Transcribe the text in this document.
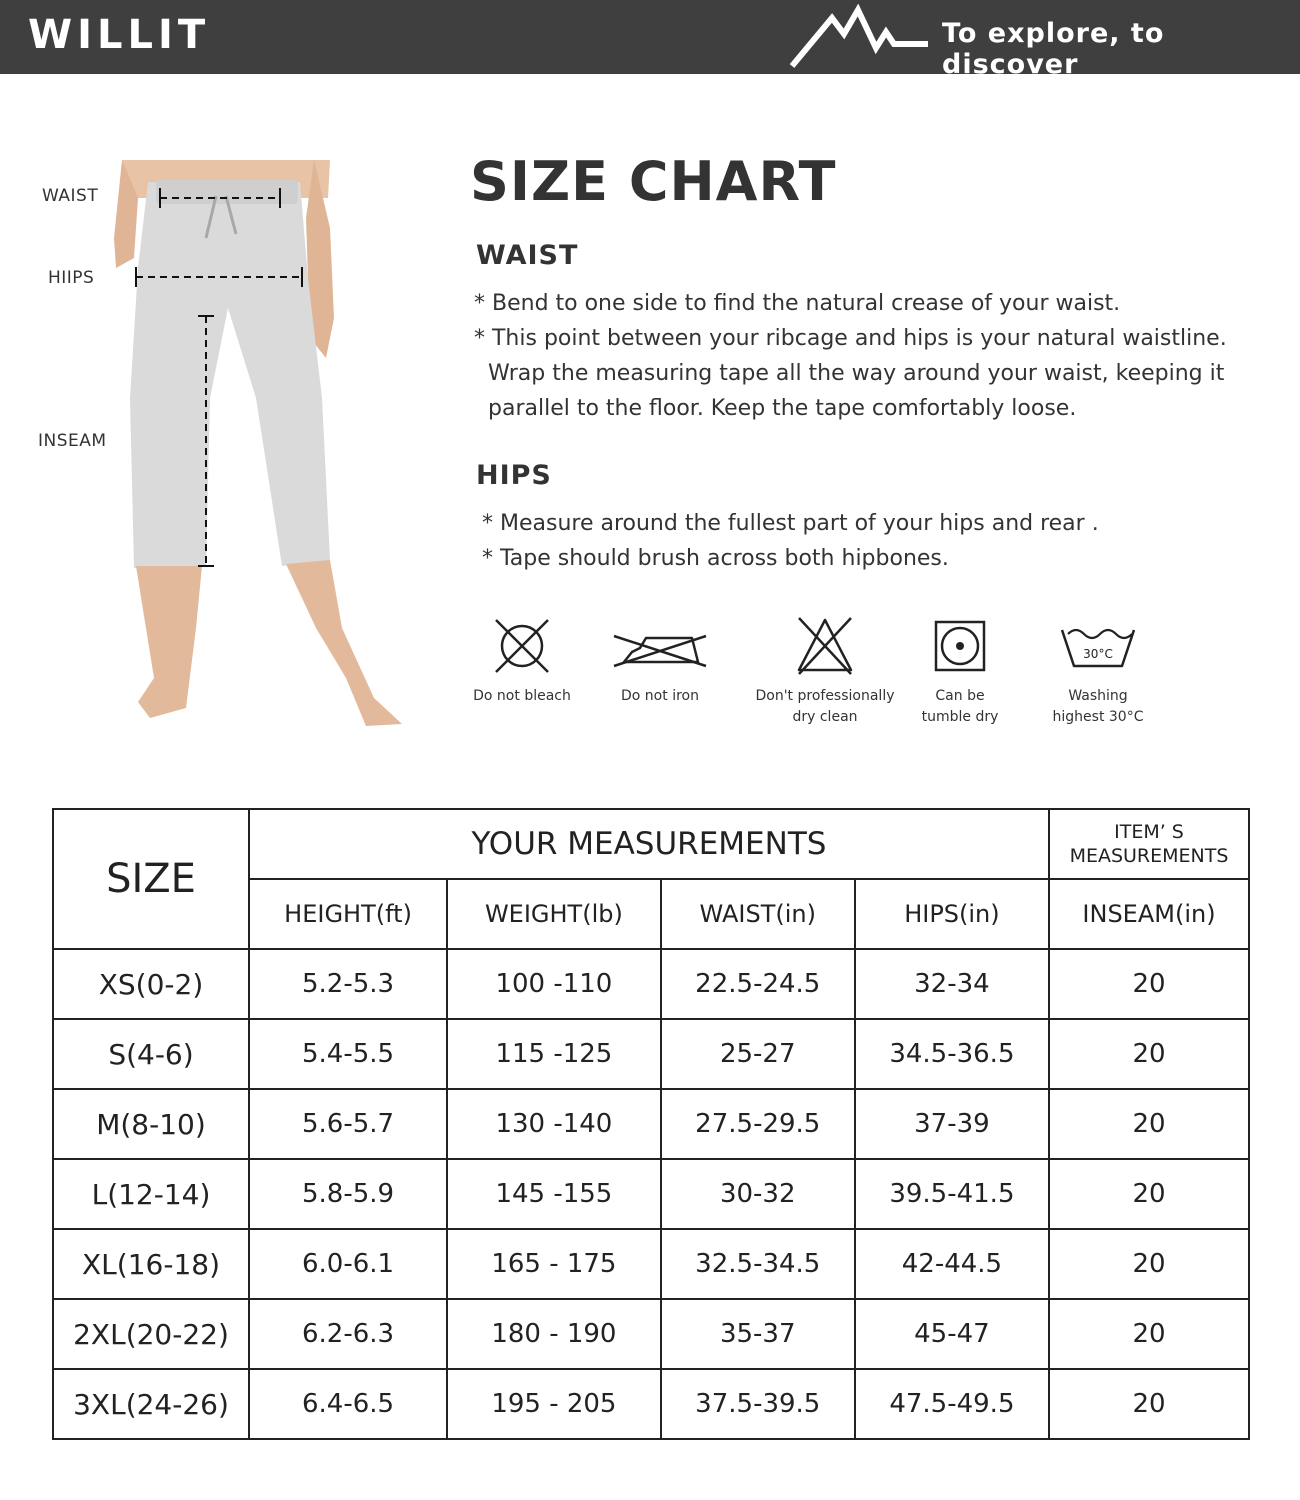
WILLIT	To explore, to discover
WAIST
HIIPS
INSEAM
SIZE CHART
WAIST
* Bend to one side to find the natural crease of your waist.
* This point between your ribcage and hips is your natural waistline.
Wrap the measuring tape all the way around your waist, keeping it
parallel to the floor. Keep the tape comfortably loose.
HIPS
* Measure around the fullest part of your hips and rear .
* Tape should brush across both hipbones.
Do not bleach	Do not iron	Don't professionally
dry clean
Can be
tumble dry
30°C
Washing
highest 30°C
SIZE	YOUR MEASUREMENTS				ITEM’ S
MEASUREMENTS
	HEIGHT(ft)	WEIGHT(lb)	WAIST(in)	HIPS(in)	INSEAM(in)
XS(0-2)	5.2-5.3	100 -110	22.5-24.5	32-34	20
S(4-6)	5.4-5.5	115 -125	25-27	34.5-36.5	20
M(8-10)	5.6-5.7	130 -140	27.5-29.5	37-39	20
L(12-14)	5.8-5.9	145 -155	30-32	39.5-41.5	20
XL(16-18)	6.0-6.1	165 - 175	32.5-34.5	42-44.5	20
2XL(20-22)	6.2-6.3	180 - 190	35-37	45-47	20
3XL(24-26)	6.4-6.5	195 - 205	37.5-39.5	47.5-49.5	20
